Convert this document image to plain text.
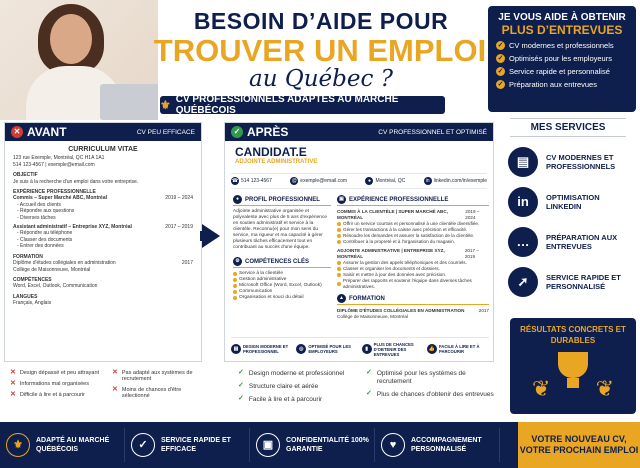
BESOIN D’AIDE POUR
TROUVER UN EMPLOI
au Québec ?
⚜ CV PROFESSIONNELS ADAPTÉS AU MARCHÉ QUÉBÉCOIS
JE VOUS AIDE À OBTENIR
PLUS D’ENTREVUES
✓ CV modernes et professionnels
✓ Optimisés pour les employeurs
✓ Service rapide et personnalisé
✓ Préparation aux entrevues
✕ AVANT	CV PEU EFFICACE
CURRICULUM VITAE
123 rue Exemple, Montréal, QC H1A 1A1
514 123-4567 | exemple@email.com
OBJECTIF
Je suis à la recherche d'un emploi dans votre entreprise.
EXPÉRIENCE PROFESSIONNELLE
Commis – Super Marché ABC, Montréal	2019 – 2024
- Accueil des clients
- Répondre aux questions
- Diverses tâches
Assistant administratif – Entreprise XYZ, Montréal	2017 – 2019
- Répondre au téléphone
- Classer des documents
- Entrer des données
FORMATION
Diplôme d'études collégiales en administration	2017
Collège de Maisonneuve, Montréal
COMPÉTENCES
Word, Excel, Outlook, Communication
LANGUES
Français, Anglais
✓ APRÈS	CV PROFESSIONNEL ET OPTIMISÉ
CANDIDAT.E
ADJOINTE ADMINISTRATIVE
☎ 514 123-4567	@ exemple@email.com	● Montréal, QC	in linkedin.com/in/exemple
● PROFIL PROFESSIONNEL
Adjointe administrative organisée et polyvalente avec plus de 5 ans d'expérience en soutien administratif et service à la clientèle. Reconnu(e) pour mon sens du service, ma rigueur et ma capacité à gérer plusieurs tâches efficacement tout en contribuant au succès d'une équipe.
⚙ COMPÉTENCES CLÉS
Service à la clientèle
Gestion administrative
Microsoft Office (Word, Excel, Outlook)
Communication
Organisation et souci du détail
▣ EXPÉRIENCE PROFESSIONNELLE
COMMIS À LA CLIENTÈLE | SUPER MARCHÉ ABC, MONTRÉAL
2019 – 2024
Offrir un service courtois et personnalisé à une clientèle diversifiée.
Gérer les transactions à la caisse avec précision et efficacité.
Résoudre les demandes et assurer la satisfaction de la clientèle.
Contribuer à la propreté et à l'organisation du magasin.
ADJOINTE ADMINISTRATIVE | ENTREPRISE XYZ, MONTRÉAL
2017 – 2019
Assurer la gestion des appels téléphoniques et des courriels.
Classer et organiser les documents et dossiers.
Saisir et mettre à jour des données avec précision.
Préparer des rapports et soutenir l'équipe dans diverses tâches administratives.
▲ FORMATION
DIPLÔME D'ÉTUDES COLLÉGIALES EN ADMINISTRATION	2017
Collège de Maisonneuve, Montréal
▤	DESIGN MODERNE ET PROFESSIONNEL	◎	OPTIMISÉ POUR LES EMPLOYEURS	▮
PLUS DE CHANCES D'OBTENIR DES ENTREVUES
👍 FACILE À LIRE ET À PARCOURIR
MES SERVICES
▤	CV MODERNES ET PROFESSIONNELS
in	OPTIMISATION LINKEDIN
…	PRÉPARATION AUX ENTREVUES
➚	SERVICE RAPIDE ET PERSONNALISÉ
RÉSULTATS CONCRETS ET DURABLES
❦ ❦
✕ Design dépassé et peu attrayant
✕ Informations mal organisées
✕ Difficile à lire et à parcourir
✕ Pas adapté aux systèmes de recrutement
✕ Moins de chances d'être sélectionné
✓ Design moderne et professionnel
✓ Structure claire et aérée
✓ Facile à lire et à parcourir
✓ Optimisé pour les systèmes de recrutement
✓ Plus de chances d'obtenir des entrevues
⚜	ADAPTÉ AU MARCHÉ QUÉBÉCOIS	✓	SERVICE RAPIDE ET EFFICACE	▣	CONFIDENTIALITÉ 100% GARANTIE	♥	ACCOMPAGNEMENT PERSONNALISÉ
VOTRE NOUVEAU CV, VOTRE PROCHAIN EMPLOI
